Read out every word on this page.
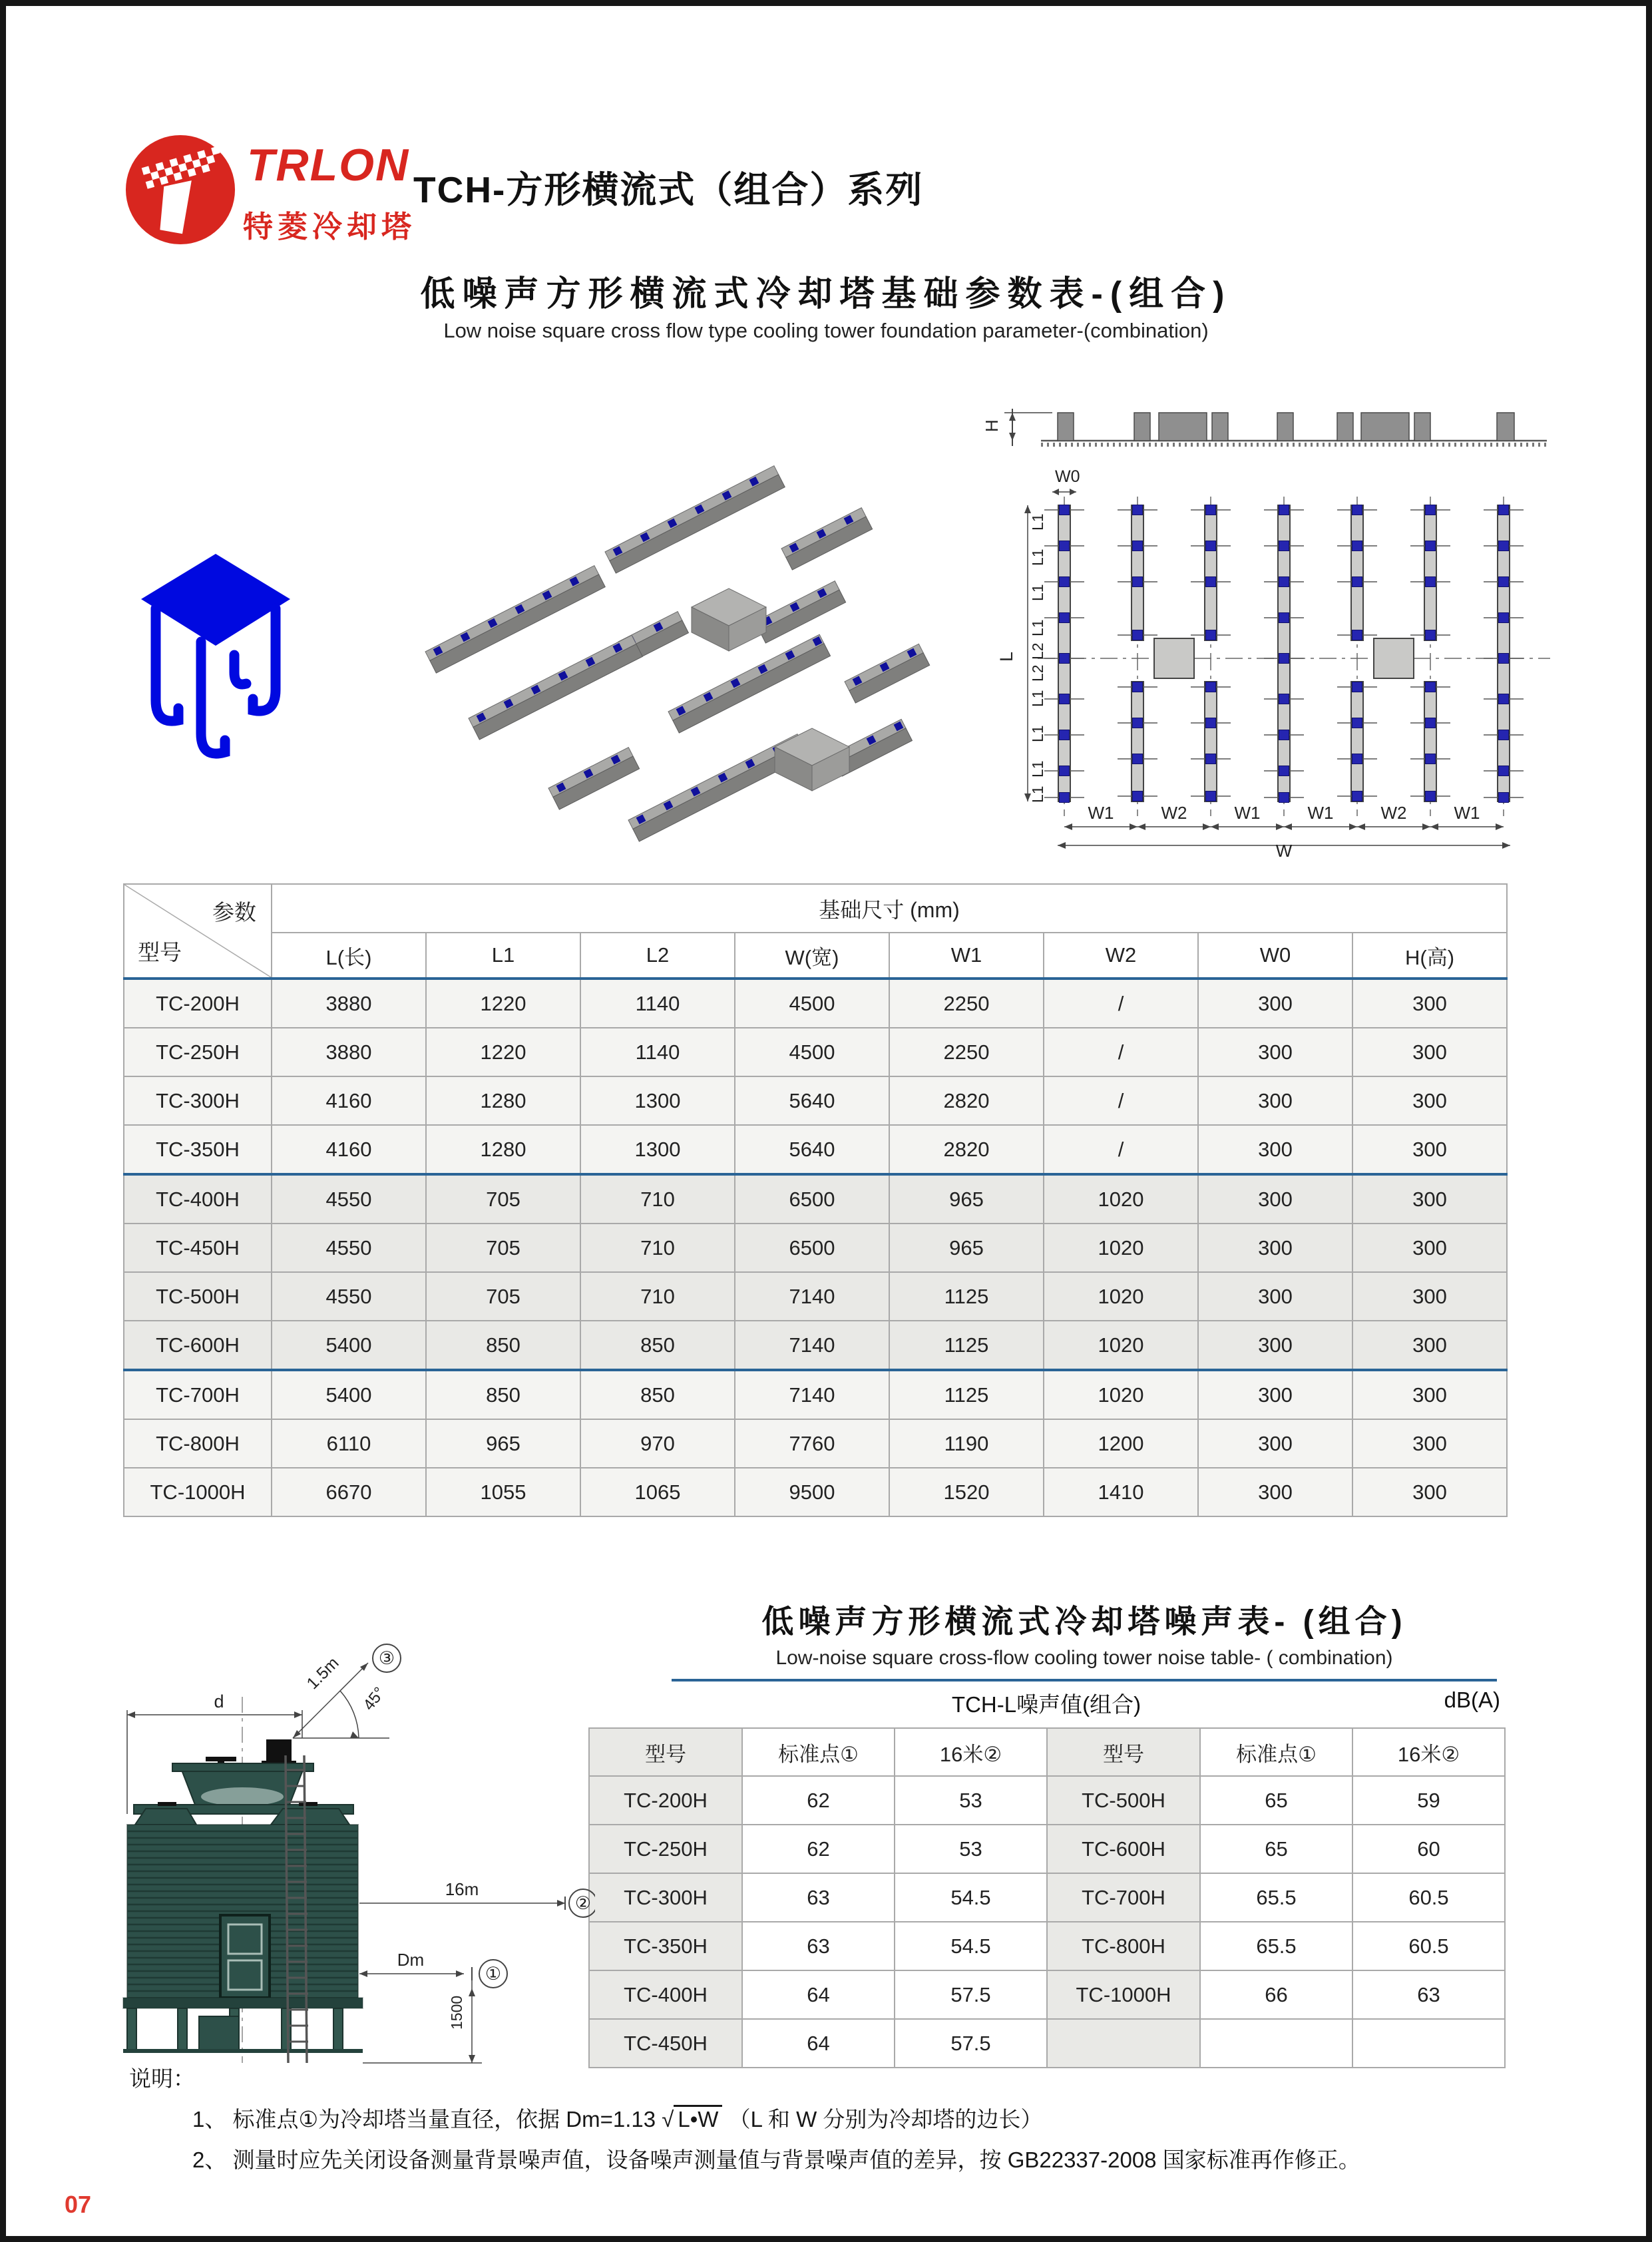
TRLON
特菱冷却塔
TCH-方形横流式（组合）系列
低噪声方形横流式冷却塔基础参数表-(组合)
Low noise square cross flow type cooling tower foundation parameter-(combination)
H
W0
L
L1
L1
L1
L1
L2
L2
L1
L1
L1
L1
W1	W2	W1	W1	W2	W1
W
参数
型号	基础尺寸 (mm)							
	L(长)	L1	L2	W(宽)	W1	W2	W0	H(高)
TC-200H	3880	1220	1140	4500	2250	/	300	300
TC-250H	3880	1220	1140	4500	2250	/	300	300
TC-300H	4160	1280	1300	5640	2820	/	300	300
TC-350H	4160	1280	1300	5640	2820	/	300	300
TC-400H	4550	705	710	6500	965	1020	300	300
TC-450H	4550	705	710	6500	965	1020	300	300
TC-500H	4550	705	710	7140	1125	1020	300	300
TC-600H	5400	850	850	7140	1125	1020	300	300
TC-700H	5400	850	850	7140	1125	1020	300	300
TC-800H	6110	965	970	7760	1190	1200	300	300
TC-1000H	6670	1055	1065	9500	1520	1410	300	300
低噪声方形横流式冷却塔噪声表- (组合)
Low-noise square cross-flow cooling tower noise table- ( combination)
TCH-L噪声值(组合)	dB(A)
型号	标准点①	16米②	型号	标准点①	16米②
TC-200H	62	53	TC-500H	65	59
TC-250H	62	53	TC-600H	65	60
TC-300H	63	54.5	TC-700H	65.5	60.5
TC-350H	63	54.5	TC-800H	65.5	60.5
TC-400H	64	57.5	TC-1000H	66	63
TC-450H	64	57.5			
d
1.5m ③
45°
16m
②
Dm
①
1500
说明：
1、 标准点①为冷却塔当量直径，依据 Dm=1.13 √ L•W （L 和 W 分别为冷却塔的边长）
2、 测量时应先关闭设备测量背景噪声值，设备噪声测量值与背景噪声值的差异，按 GB22337-2008 国家标准再作修正。
07
